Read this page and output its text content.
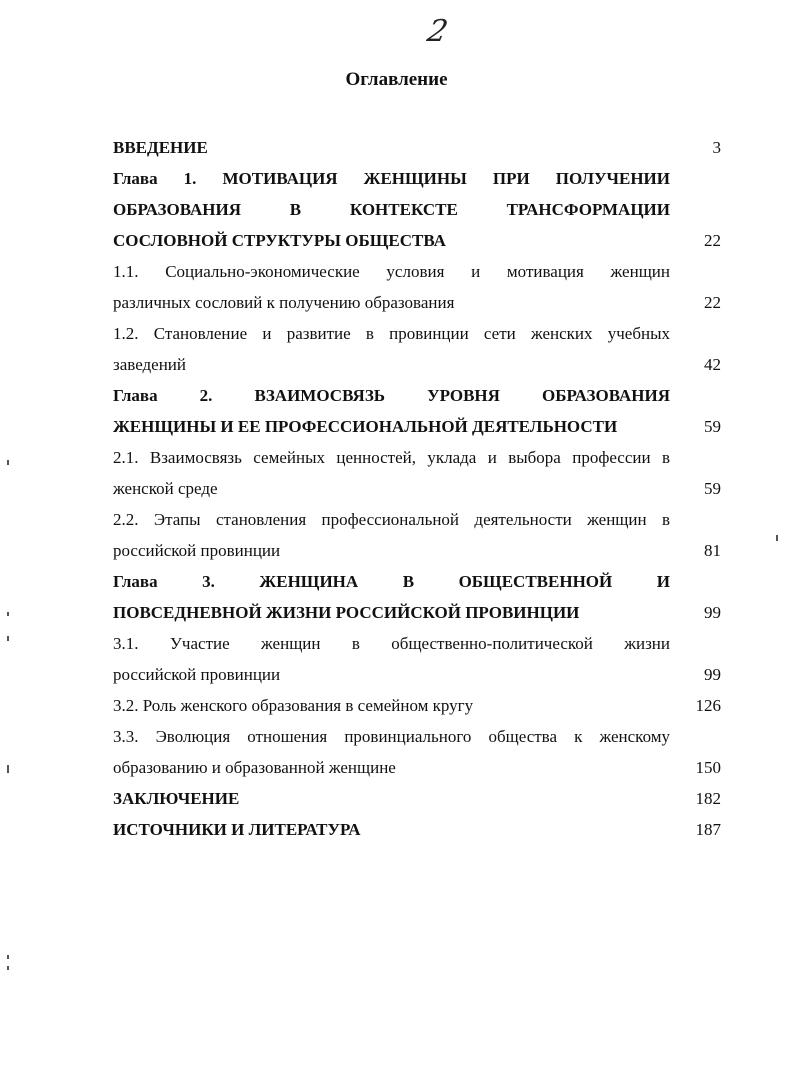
2
Оглавление
ВВЕДЕНИЕ	3
Глава 1. МОТИВАЦИЯ ЖЕНЩИНЫ ПРИ ПОЛУЧЕНИИ
ОБРАЗОВАНИЯ В КОНТЕКСТЕ ТРАНСФОРМАЦИИ
СОСЛОВНОЙ СТРУКТУРЫ ОБЩЕСТВА	22
1.1. Социально-экономические условия и мотивация женщин
различных сословий к получению образования	22
1.2. Становление и развитие в провинции сети женских учебных
заведений	42
Глава 2. ВЗАИМОСВЯЗЬ УРОВНЯ ОБРАЗОВАНИЯ
ЖЕНЩИНЫ И ЕЕ ПРОФЕССИОНАЛЬНОЙ ДЕЯТЕЛЬНОСТИ	59
2.1. Взаимосвязь семейных ценностей, уклада и выбора профессии в
женской среде	59
2.2. Этапы становления профессиональной деятельности женщин в
российской провинции	81
Глава 3. ЖЕНЩИНА В ОБЩЕСТВЕННОЙ И
ПОВСЕДНЕВНОЙ ЖИЗНИ РОССИЙСКОЙ ПРОВИНЦИИ	99
3.1. Участие женщин в общественно-политической жизни
российской провинции	99
3.2. Роль женского образования в семейном кругу	126
3.3. Эволюция отношения провинциального общества к женскому
образованию и образованной женщине	150
ЗАКЛЮЧЕНИЕ	182
ИСТОЧНИКИ И ЛИТЕРАТУРА	187
